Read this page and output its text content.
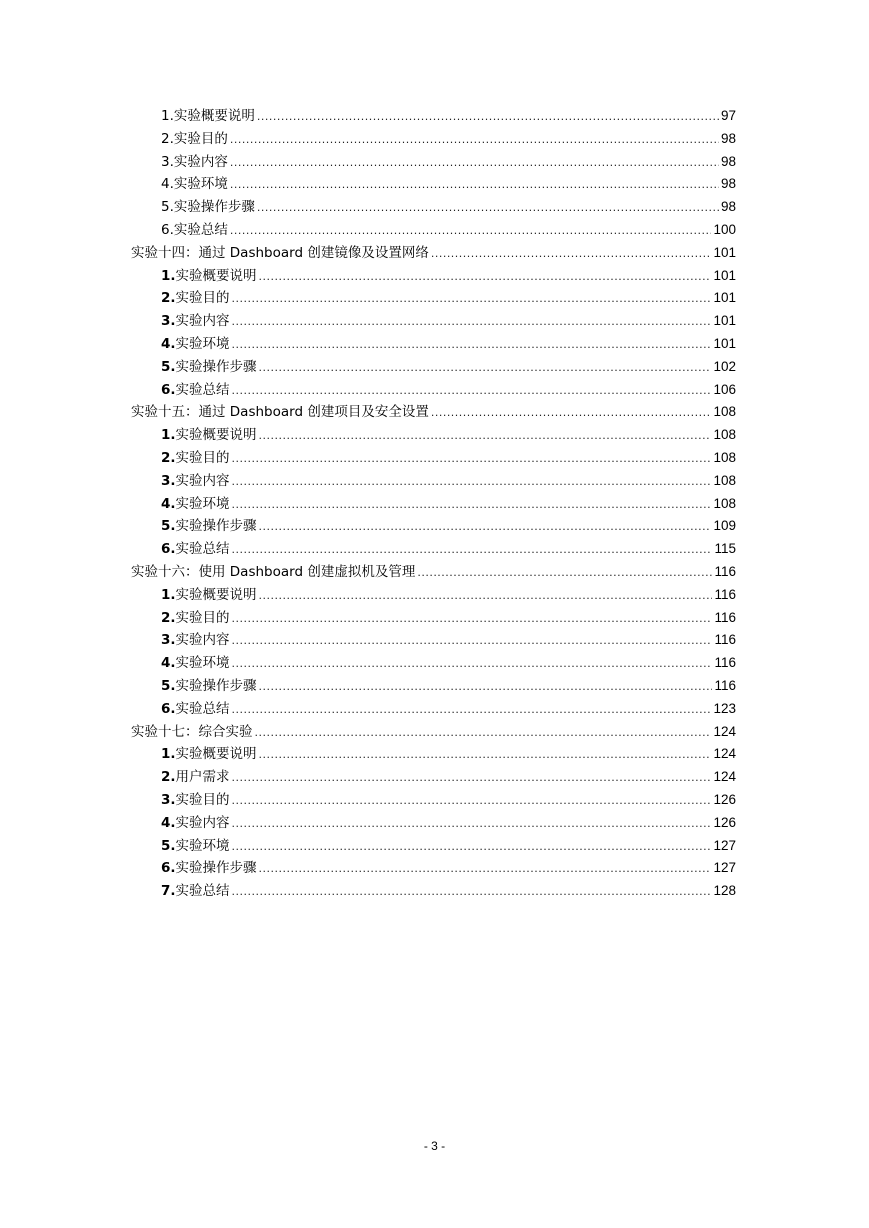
1. 实验概要说明 .....	97
2. 实验目的 .....	98
3. 实验内容 .....	98
4. 实验环境 .....	98
5. 实验操作步骤 .....	98
6. 实验总结 .....	100
实验十四：通过 Dashboard 创建镜像及设置网络 .....	101
1. 实验概要说明 .....	101
2. 实验目的 .....	101
3. 实验内容 .....	101
4. 实验环境 .....	101
5. 实验操作步骤 .....	102
6. 实验总结 .....	106
实验十五：通过 Dashboard 创建项目及安全设置 .....	108
1. 实验概要说明 .....	108
2. 实验目的 .....	108
3. 实验内容 .....	108
4. 实验环境 .....	108
5. 实验操作步骤 .....	109
6. 实验总结 .....	115
实验十六：使用 Dashboard 创建虚拟机及管理 .....	116
1. 实验概要说明 .....	116
2. 实验目的 .....	116
3. 实验内容 .....	116
4. 实验环境 .....	116
5. 实验操作步骤 .....	116
6. 实验总结 .....	123
实验十七：综合实验 .....	124
1. 实验概要说明 .....	124
2. 用户需求 .....	124
3. 实验目的 .....	126
4. 实验内容 .....	126
5. 实验环境 .....	127
6. 实验操作步骤 .....	127
7. 实验总结 .....	128
- 3 -
